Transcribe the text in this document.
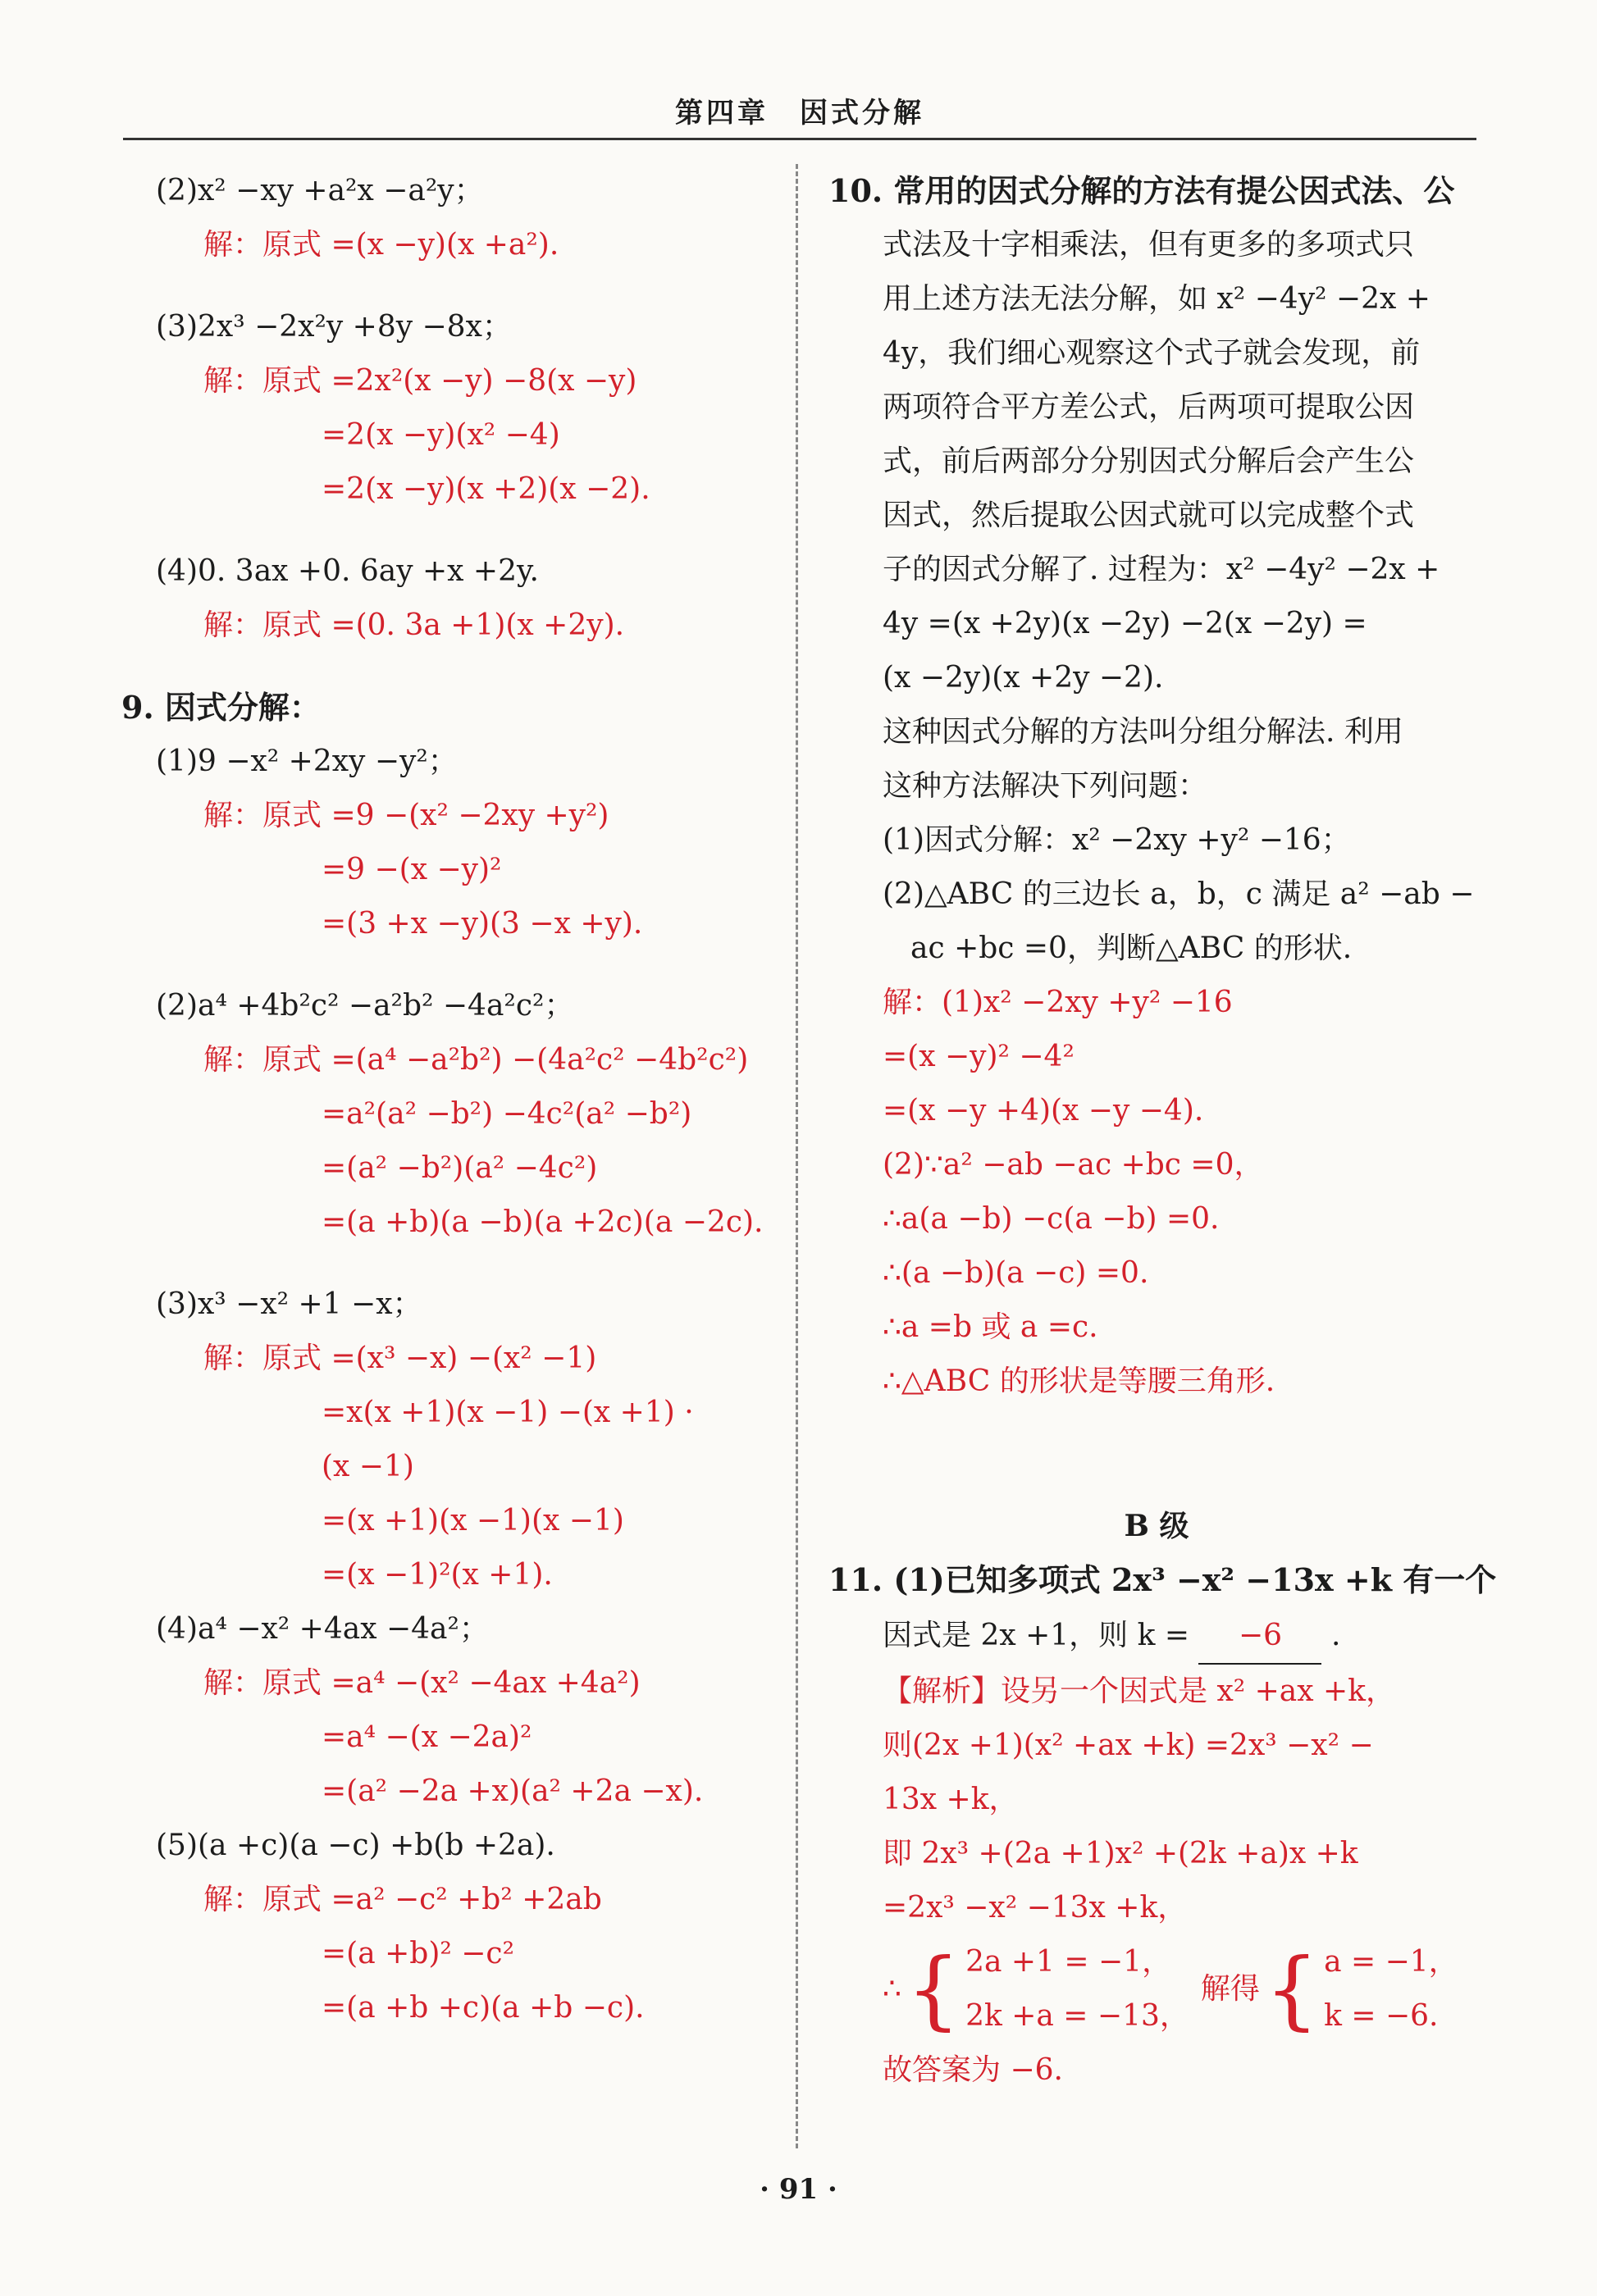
第四章　因式分解
(2)x² −xy +a²x −a²y；
解：原式 =(x −y)(x +a²).
(3)2x³ −2x²y +8y −8x；
解：原式 =2x²(x −y) −8(x −y)
=2(x −y)(x² −4)
=2(x −y)(x +2)(x −2).
(4)0. 3ax +0. 6ay +x +2y.
解：原式 =(0. 3a +1)(x +2y).
9. 因式分解：
(1)9 −x² +2xy −y²；
解：原式 =9 −(x² −2xy +y²)
=9 −(x −y)²
=(3 +x −y)(3 −x +y).
(2)a⁴ +4b²c² −a²b² −4a²c²；
解：原式 =(a⁴ −a²b²) −(4a²c² −4b²c²)
=a²(a² −b²) −4c²(a² −b²)
=(a² −b²)(a² −4c²)
=(a +b)(a −b)(a +2c)(a −2c).
(3)x³ −x² +1 −x；
解：原式 =(x³ −x) −(x² −1)
=x(x +1)(x −1) −(x +1) ·
(x −1)
=(x +1)(x −1)(x −1)
=(x −1)²(x +1).
(4)a⁴ −x² +4ax −4a²；
解：原式 =a⁴ −(x² −4ax +4a²)
=a⁴ −(x −2a)²
=(a² −2a +x)(a² +2a −x).
(5)(a +c)(a −c) +b(b +2a).
解：原式 =a² −c² +b² +2ab
=(a +b)² −c²
=(a +b +c)(a +b −c).
10. 常用的因式分解的方法有提公因式法、公
式法及十字相乘法，但有更多的多项式只
用上述方法无法分解，如 x² −4y² −2x +
4y，我们细心观察这个式子就会发现，前
两项符合平方差公式，后两项可提取公因
式，前后两部分分别因式分解后会产生公
因式，然后提取公因式就可以完成整个式
子的因式分解了. 过程为：x² −4y² −2x +
4y =(x +2y)(x −2y) −2(x −2y) =
(x −2y)(x +2y −2).
这种因式分解的方法叫分组分解法. 利用
这种方法解决下列问题：
(1)因式分解：x² −2xy +y² −16；
(2)△ABC 的三边长 a，b，c 满足 a² −ab −
ac +bc =0，判断△ABC 的形状.
解：(1)x² −2xy +y² −16
=(x −y)² −4²
=(x −y +4)(x −y −4).
(2)∵a² −ab −ac +bc =0，
∴a(a −b) −c(a −b) =0.
∴(a −b)(a −c) =0.
∴a =b 或 a =c.
∴△ABC 的形状是等腰三角形.
B 级
11. (1)已知多项式 2x³ −x² −13x +k 有一个
因式是 2x +1，则 k = −6 .
【解析】设另一个因式是 x² +ax +k，
则(2x +1)(x² +ax +k) =2x³ −x² −
13x +k，
即 2x³ +(2a +1)x² +(2k +a)x +k
=2x³ −x² −13x +k，
∴ { 2a +1 = −1，
2k +a = −13，
解得 { a = −1，
k = −6.
故答案为 −6.
· 91 ·
